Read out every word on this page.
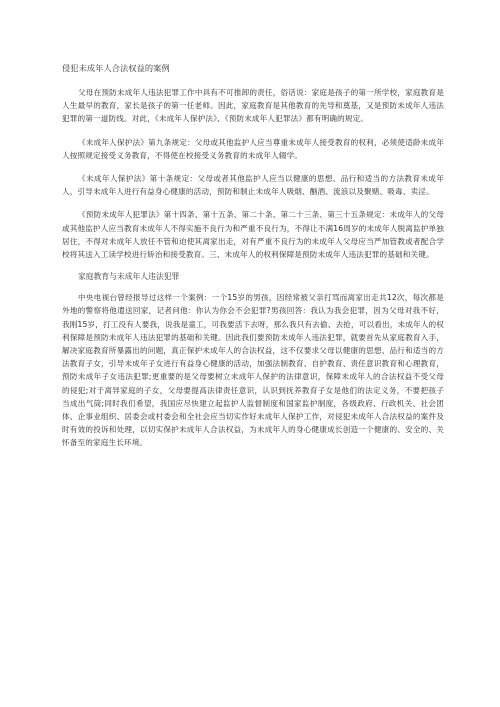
侵犯未成年人合法权益的案例

父母在预防未成年人违法犯罪工作中具有不可推卸的责任，俗话说：家庭是孩子的第一所学校，家庭教育是人生最早的教育，家长是孩子的第一任老师。因此，家庭教育是其他教育的先导和奠基，又是预防未成年人违法犯罪的第一道防线。对此，《未成年人保护法》、《预防未成年人犯罪法》都有明确的规定。

《未成年人保护法》第九条规定：父母或其他监护人应当尊重未成年人接受教育的权利，必须使适龄未成年人按照规定接受义务教育，不得使在校接受义务教育的未成年人辍学。

《未成年人保护法》第十条规定：父母或者其他监护人应当以健康的思想、品行和适当的方法教育未成年人，引导未成年人进行有益身心健康的活动，预防和制止未成年人吸烟、酗酒、流浪以及聚赌、吸毒、卖淫。

《预防未成年人犯罪法》第十四条、第十五条、第二十条、第二十三条、第三十五条规定：未成年人的父母或其他监护人应当教育未成年人不得实施不良行为和严重不良行为，不得让不满16周岁的未成年人脱离监护单独居住，不得对未成年人放任不管和迫使其离家出走，对有严重不良行为的未成年人父母应当严加管教或者配合学校将其送入工读学校进行矫治和接受教育。三、未成年人的权利保障是预防未成年人违法犯罪的基础和关键。

家庭教育与未成年人违法犯罪

中央电视台曾经报导过这样一个案例：一个15岁的男孩，因经常被父亲打骂而离家出走共12次，每次都是外地的警察将他遣送回家，记者问他：你认为你会不会犯罪?男孩回答：我认为我会犯罪，因为父母对我不好，我刚15岁，打工没有人要我，说我是童工，可我要活下去呀，那么我只有去偷、去抢，可以看出，未成年人的权利保障是预防未成年人违法犯罪的基础和关键。因此我们要预防未成年人违法犯罪，就要首先从家庭教育入手，解决家庭教育所暴露出的问题，真正保护未成年人的合法权益，这不仅要求父母以健康的思想、品行和适当的方法教育子女，引导未成年子女进行有益身心健康的活动，加强法制教育、自护教育、责任意识教育和心理教育，预防未成年子女违法犯罪;更重要的是父母要树立未成年人保护的法律意识，保障未成年人的合法权益不受父母的侵犯;对于离异家庭的子女，父母要提高法律责任意识，认识到抚养教育子女是他们的法定义务，不要把孩子当成出气筒;同时我们希望，我国应尽快建立起监护人监督制度和国家监护制度，各级政府、行政机关、社会团体、企事业组织、居委会或村委会和全社会应当切实作好未成年人保护工作，对侵犯未成年人合法权益的案件及时有效的投诉和处理，以切实保护未成年人合法权益，为未成年人的身心健康成长创造一个健康的、安全的、关怀备至的家庭生长环境。
